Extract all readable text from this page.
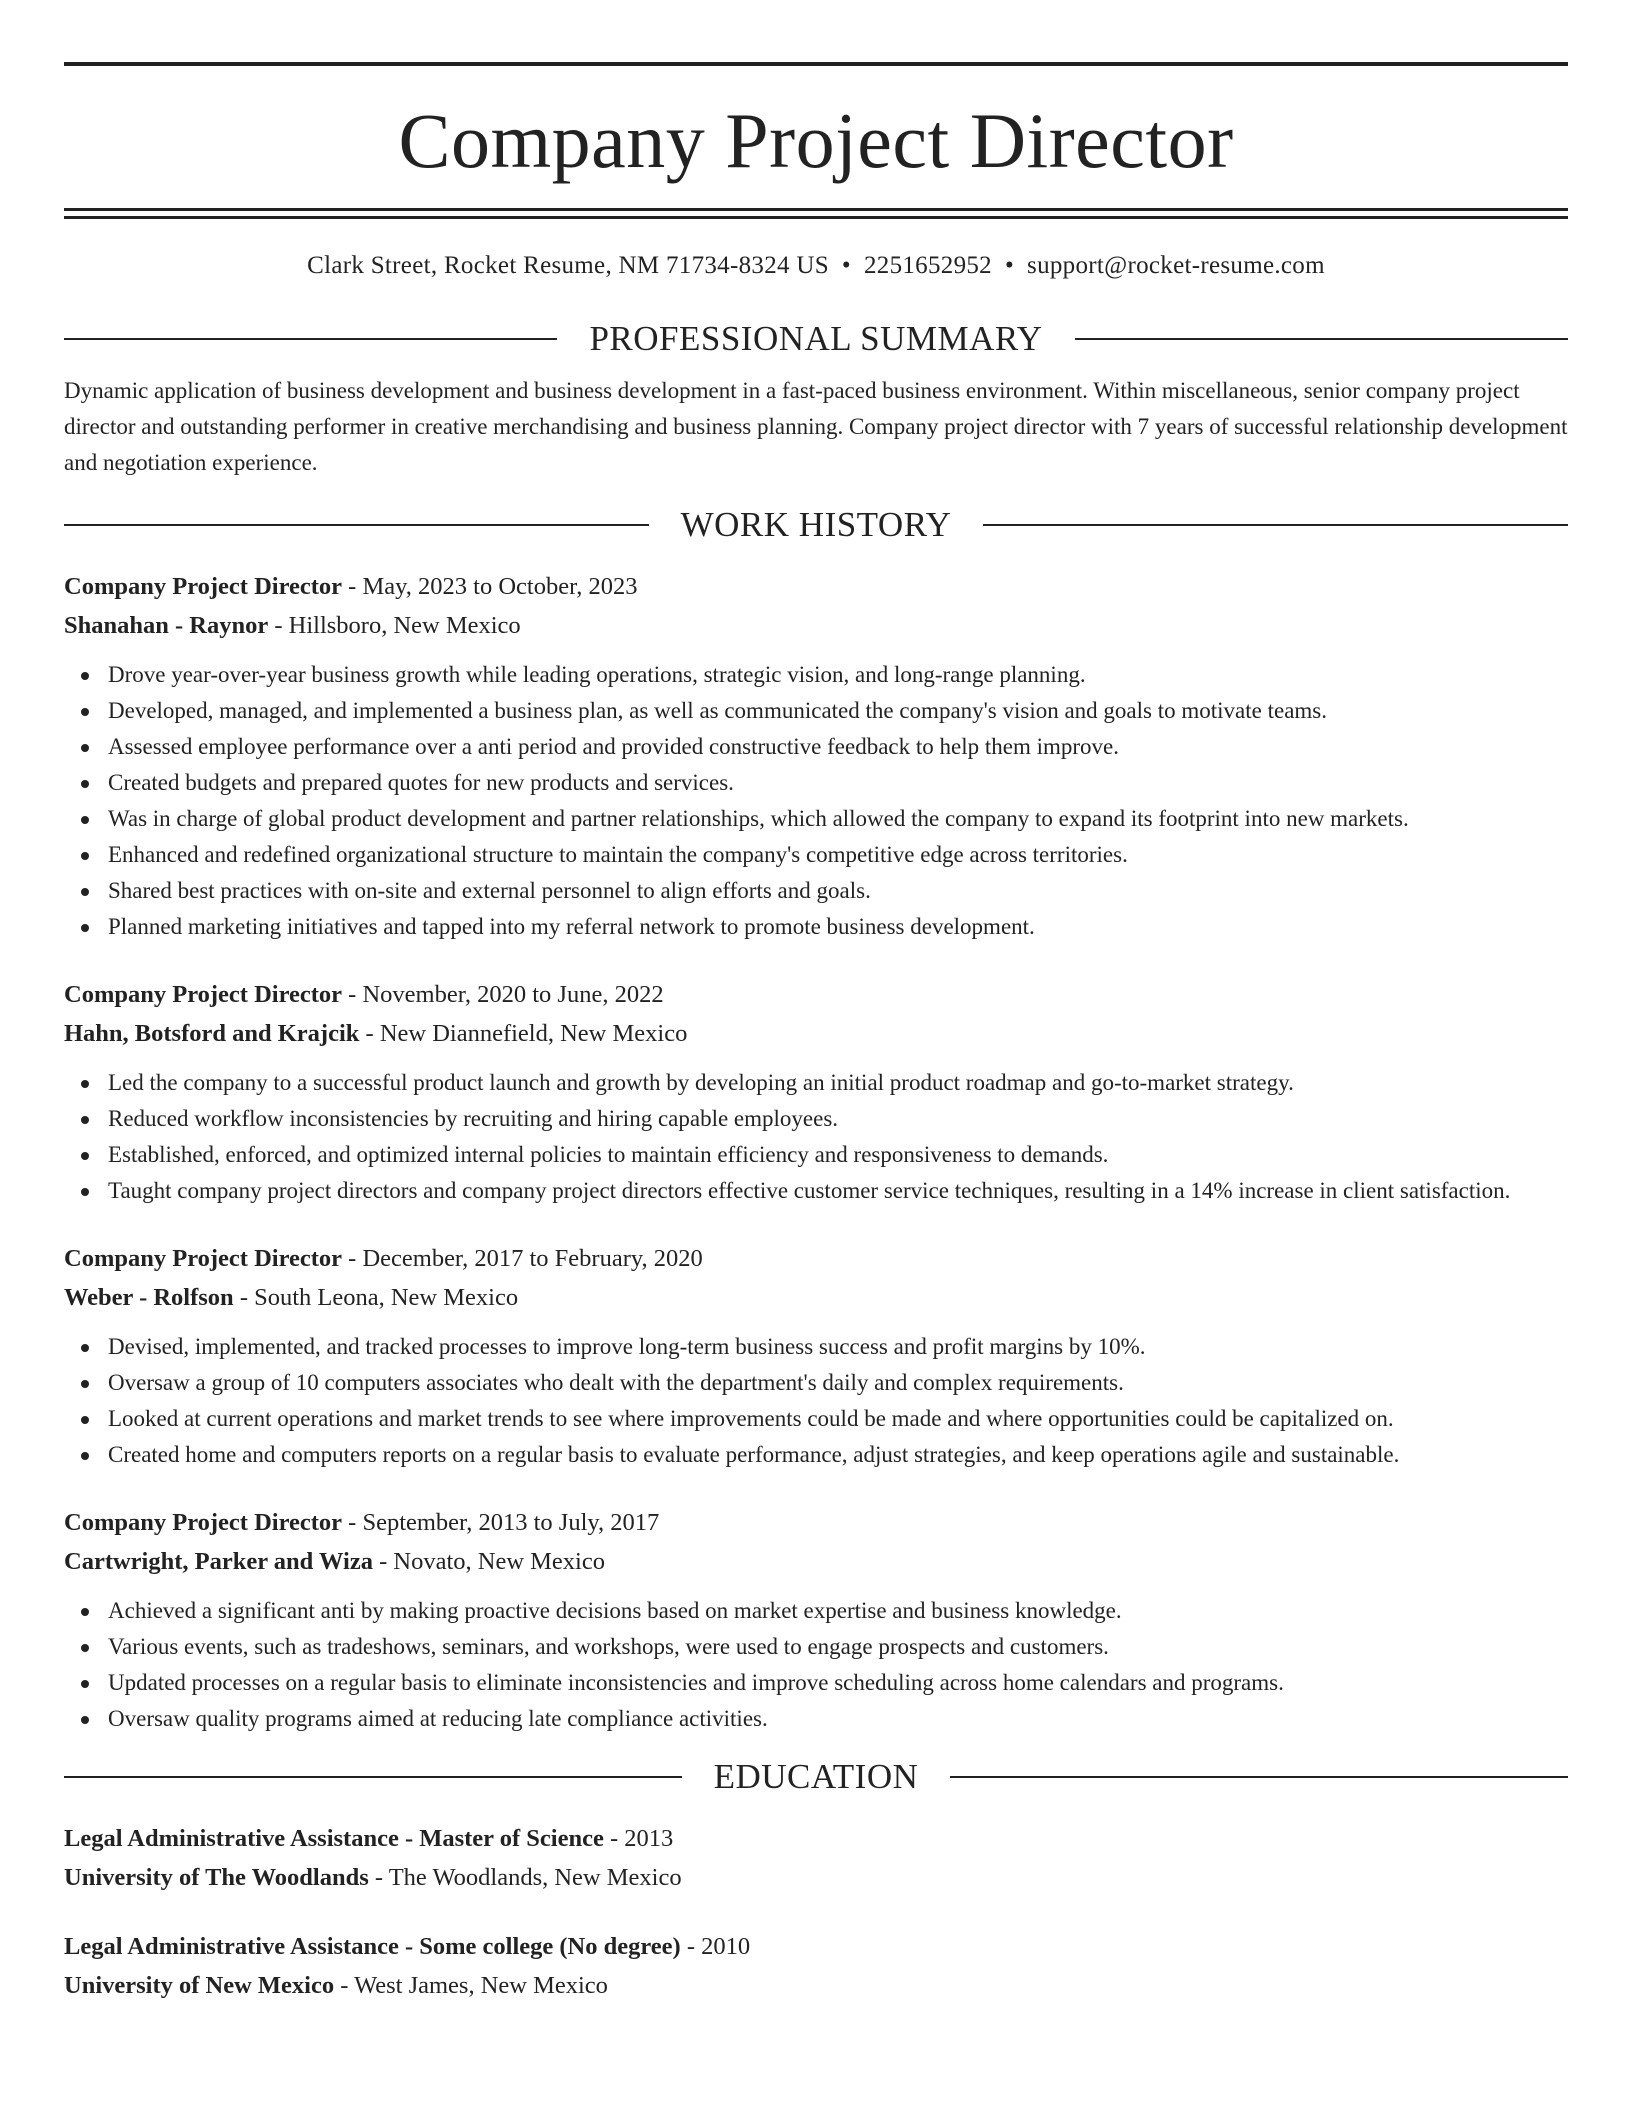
Company Project Director
Clark Street, Rocket Resume, NM 71734-8324 US • 2251652952 • support@rocket-resume.com
PROFESSIONAL SUMMARY

Dynamic application of business development and business development in a fast-paced business environment. Within miscellaneous, senior company project director and outstanding performer in creative merchandising and business planning. Company project director with 7 years of successful relationship development and negotiation experience.

WORK HISTORY
Company Project Director - May, 2023 to October, 2023
Shanahan - Raynor - Hillsboro, New Mexico
Drove year-over-year business growth while leading operations, strategic vision, and long-range planning.
Developed, managed, and implemented a business plan, as well as communicated the company's vision and goals to motivate teams.
Assessed employee performance over a anti period and provided constructive feedback to help them improve.
Created budgets and prepared quotes for new products and services.
Was in charge of global product development and partner relationships, which allowed the company to expand its footprint into new markets.
Enhanced and redefined organizational structure to maintain the company's competitive edge across territories.
Shared best practices with on-site and external personnel to align efforts and goals.
Planned marketing initiatives and tapped into my referral network to promote business development.
Company Project Director - November, 2020 to June, 2022
Hahn, Botsford and Krajcik - New Diannefield, New Mexico
Led the company to a successful product launch and growth by developing an initial product roadmap and go-to-market strategy.
Reduced workflow inconsistencies by recruiting and hiring capable employees.
Established, enforced, and optimized internal policies to maintain efficiency and responsiveness to demands.
Taught company project directors and company project directors effective customer service techniques, resulting in a 14% increase in client satisfaction.
Company Project Director - December, 2017 to February, 2020
Weber - Rolfson - South Leona, New Mexico
Devised, implemented, and tracked processes to improve long-term business success and profit margins by 10%.
Oversaw a group of 10 computers associates who dealt with the department's daily and complex requirements.
Looked at current operations and market trends to see where improvements could be made and where opportunities could be capitalized on.
Created home and computers reports on a regular basis to evaluate performance, adjust strategies, and keep operations agile and sustainable.
Company Project Director - September, 2013 to July, 2017
Cartwright, Parker and Wiza - Novato, New Mexico
Achieved a significant anti by making proactive decisions based on market expertise and business knowledge.
Various events, such as tradeshows, seminars, and workshops, were used to engage prospects and customers.
Updated processes on a regular basis to eliminate inconsistencies and improve scheduling across home calendars and programs.
Oversaw quality programs aimed at reducing late compliance activities.
EDUCATION
Legal Administrative Assistance - Master of Science - 2013
University of The Woodlands - The Woodlands, New Mexico
Legal Administrative Assistance - Some college (No degree) - 2010
University of New Mexico - West James, New Mexico
